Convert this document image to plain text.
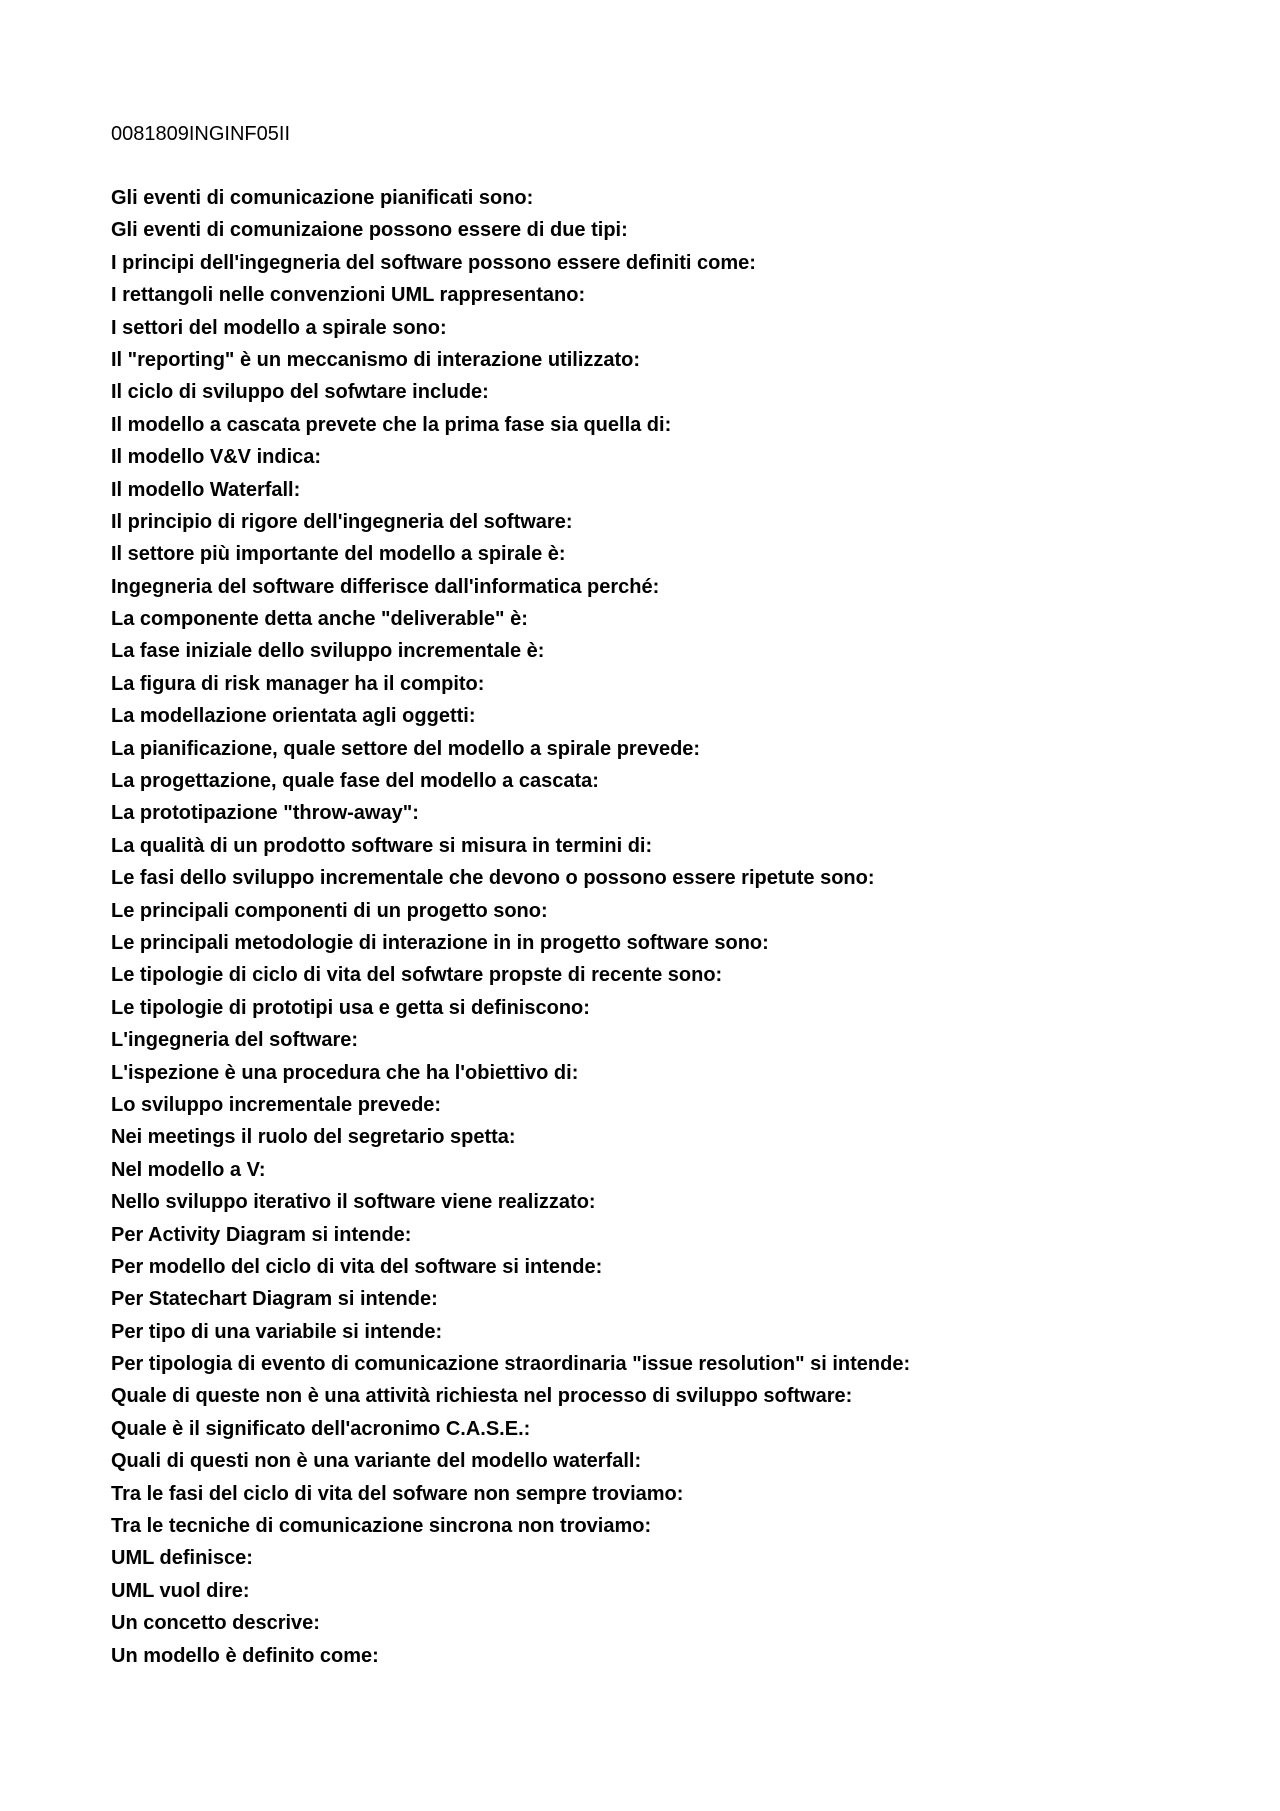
0081809INGINF05II
Gli eventi di comunicazione pianificati sono:
Gli eventi di comunizaione possono essere di due tipi:
I principi dell'ingegneria del software possono essere definiti come:
I rettangoli nelle convenzioni UML rappresentano:
I settori del modello a spirale sono:
Il "reporting" è un meccanismo di interazione utilizzato:
Il ciclo di sviluppo del sofwtare include:
Il modello a cascata prevete che la prima fase sia quella di:
Il modello V&V indica:
Il modello Waterfall:
Il principio di rigore dell'ingegneria del software:
Il settore più importante del modello a spirale è:
Ingegneria del software differisce dall'informatica perché:
La componente detta anche "deliverable" è:
La fase iniziale dello sviluppo incrementale è:
La figura di risk manager ha il compito:
La modellazione orientata agli oggetti:
La pianificazione, quale settore del modello a spirale prevede:
La progettazione, quale fase del modello a cascata:
La prototipazione "throw-away":
La qualità di un prodotto software si misura in termini di:
Le fasi dello sviluppo incrementale che devono o possono essere ripetute sono:
Le principali componenti di un progetto sono:
Le principali metodologie di interazione in in progetto software sono:
Le tipologie di ciclo di vita del sofwtare propste di recente sono:
Le tipologie di prototipi usa e getta si definiscono:
L'ingegneria del software:
L'ispezione è una procedura che ha l'obiettivo di:
Lo sviluppo incrementale prevede:
Nei meetings il ruolo del segretario spetta:
Nel modello a V:
Nello sviluppo iterativo il software viene realizzato:
Per Activity Diagram si intende:
Per modello del ciclo di vita del software si intende:
Per Statechart Diagram si intende:
Per tipo di una variabile si intende:
Per tipologia di evento di comunicazione straordinaria "issue resolution" si intende:
Quale di queste non è una attività richiesta nel processo di sviluppo software:
Quale è il significato dell'acronimo C.A.S.E.:
Quali di questi non è una variante del modello waterfall:
Tra le fasi del ciclo di vita del sofware non sempre troviamo:
Tra le tecniche di comunicazione sincrona non troviamo:
UML definisce:
UML vuol dire:
Un concetto descrive:
Un modello è definito come:
